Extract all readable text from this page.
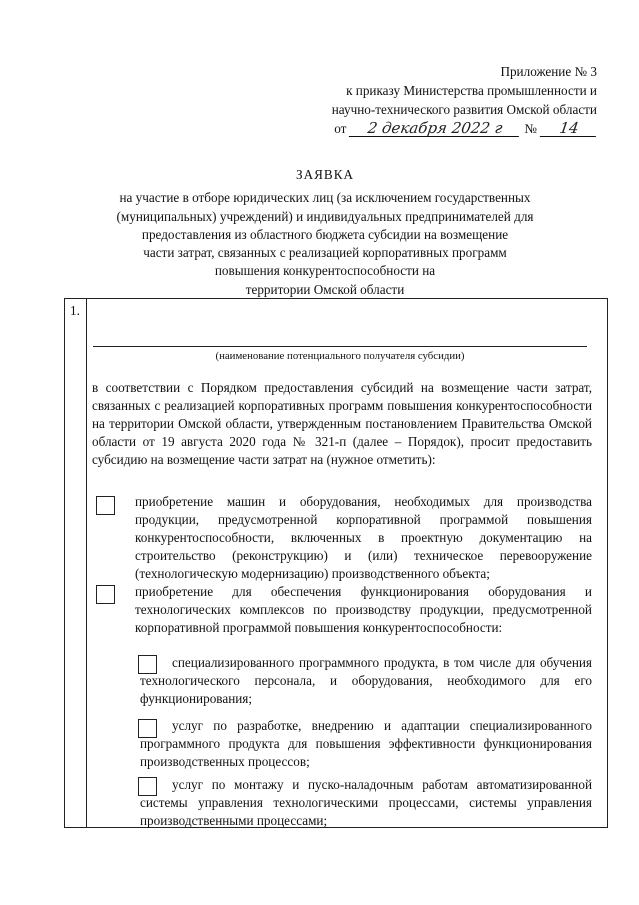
Приложение № 3
к приказу Министерства промышленности и
научно-технического развития Омской области
от	2 декабря 2022 г	№	14
ЗАЯВКА
на участие в отборе юридических лиц (за исключением государственных
(муниципальных) учреждений) и индивидуальных предпринимателей для
предоставления из областного бюджета субсидии на возмещение
части затрат, связанных с реализацией корпоративных программ
повышения конкурентоспособности на
территории Омской области
1.
(наименование потенциального получателя субсидии)
в соответствии с Порядком предоставления субсидий на возмещение части затрат, связанных с реализацией корпоративных программ повышения конкурентоспособности на территории Омской области, утвержденным постановлением Правительства Омской области от 19 августа 2020 года № 321-п (далее – Порядок), просит предоставить субсидию на возмещение части затрат на (нужное отметить):
приобретение машин и оборудования, необходимых для производства продукции, предусмотренной корпоративной программой повышения конкурентоспособности, включенных в проектную документацию на строительство (реконструкцию) и (или) техническое перевооружение (технологическую модернизацию) производственного объекта;
приобретение для обеспечения функционирования оборудования и технологических комплексов по производству продукции, предусмотренной корпоративной программой повышения конкурентоспособности:
специализированного программного продукта, в том числе для обучения технологического персонала, и оборудования, необходимого для его функционирования;
услуг по разработке, внедрению и адаптации специализированного программного продукта для повышения эффективности функционирования производственных процессов;
услуг по монтажу и пуско-наладочным работам автоматизированной системы управления технологическими процессами, системы управления производственными процессами;
